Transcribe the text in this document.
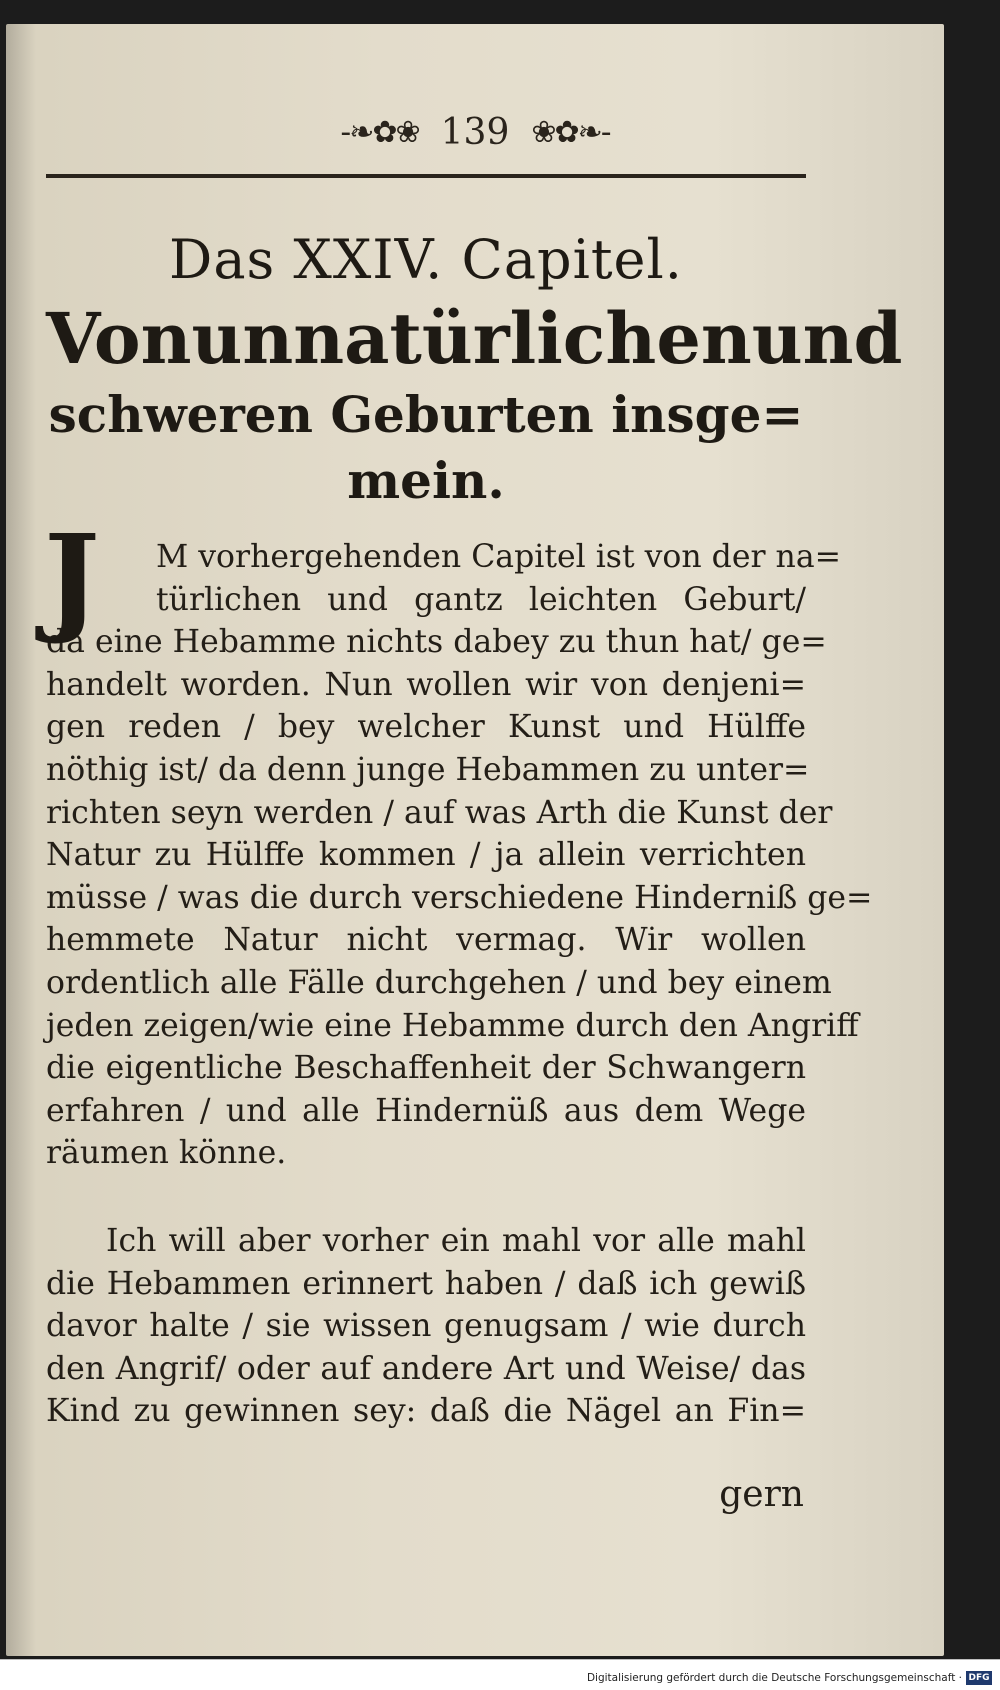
-❧✿❀ 139 ❀✿❧-
Das XXIV. Capitel.
Von unnatürlichen und
schweren Geburten insge=
mein.
J	M vorhergehenden Capitel ist von der na=
türlichen und gantz leichten Geburt/
da eine Hebamme nichts dabey zu thun hat/ ge=
handelt worden. Nun wollen wir von denjeni=
gen reden / bey welcher Kunst und Hülffe
nöthig ist/ da denn junge Hebammen zu unter=
richten seyn werden / auf was Arth die Kunst der
Natur zu Hülffe kommen / ja allein verrichten
müsse / was die durch verschiedene Hinderniß ge=
hemmete Natur nicht vermag. Wir wollen
ordentlich alle Fälle durchgehen / und bey einem
jeden zeigen/wie eine Hebamme durch den Angriff
die eigentliche Beschaffenheit der Schwangern
erfahren / und alle Hindernüß aus dem Wege
räumen könne.
Ich will aber vorher ein mahl vor alle mahl
die Hebammen erinnert haben / daß ich gewiß
davor halte / sie wissen genugsam / wie durch
den Angrif/ oder auf andere Art und Weise/ das
Kind zu gewinnen sey: daß die Nägel an Fin=
gern
Digitalisierung gefördert durch die Deutsche Forschungsgemeinschaft · DFG
